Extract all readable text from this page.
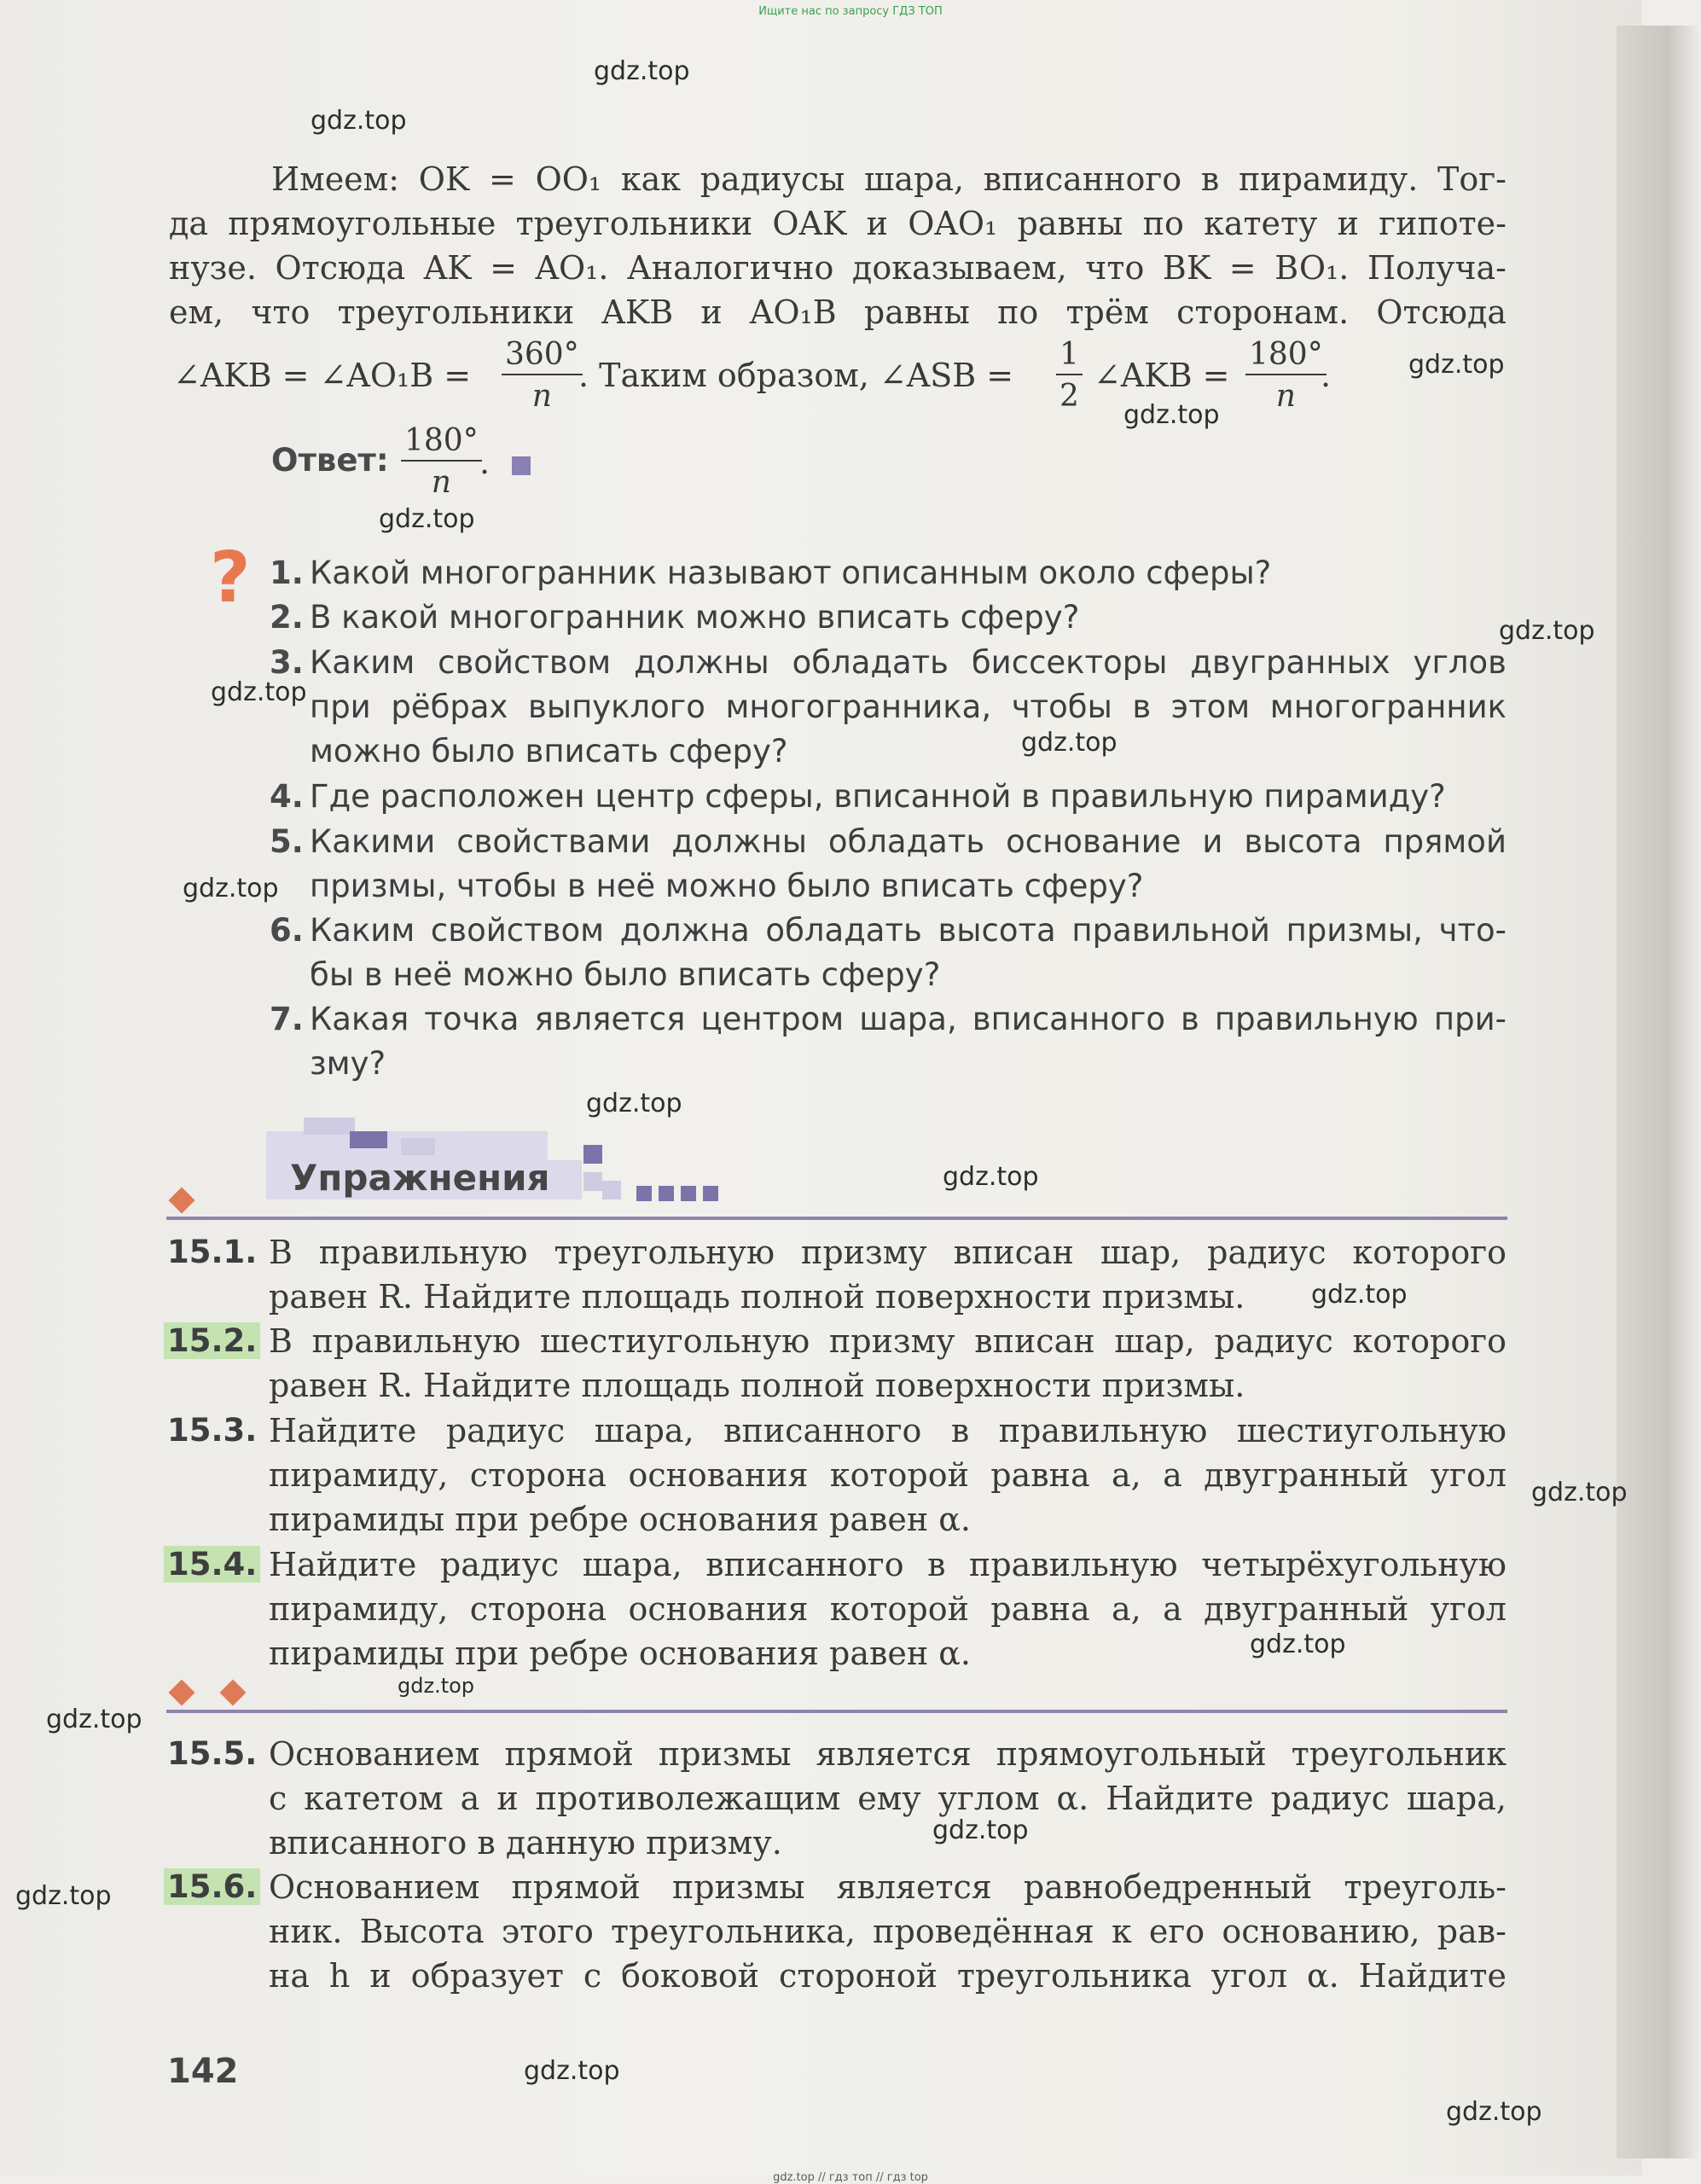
Ищите нас по запросу ГДЗ ТОП
gdz.top
gdz.top
gdz.top
gdz.top
gdz.top
gdz.top
gdz.top
gdz.top
gdz.top
gdz.top
gdz.top
gdz.top
gdz.top
gdz.top
gdz.top
gdz.top
gdz.top
gdz.top
gdz.top
gdz.top
Имеем: OK = OO₁ как радиусы шара, вписанного в пирамиду. Тог-
да прямоугольные треугольники OAK и OAO₁ равны по катету и гипоте-
нузе. Отсюда AK = AO₁. Аналогично доказываем, что BK = BO₁. Получа-
ем, что треугольники AKB и AO₁B равны по трём сторонам. Отсюда
∠AKB = ∠AO₁B = $\frac{360^\circ}{n}$
. Таким образом, ∠ASB = $\frac{1}{2}$ ∠AKB = $\frac{180^\circ}{n}$
.
Ответ: $\frac{180^\circ}{n}$
.
? 1. Какой многогранник называют описанным около сферы?
2. В какой многогранник можно вписать сферу?
3. Каким свойством должны обладать биссекторы двугранных углов
при рёбрах выпуклого многогранника, чтобы в этом многогранник
можно было вписать сферу?
4. Где расположен центр сферы, вписанной в правильную пирамиду?
5. Какими свойствами должны обладать основание и высота прямой
призмы, чтобы в неё можно было вписать сферу?
6. Каким свойством должна обладать высота правильной призмы, что-
бы в неё можно было вписать сферу?
7. Какая точка является центром шара, вписанного в правильную при-
зму?
Упражнения
15.1. В правильную треугольную призму вписан шар, радиус которого
равен R. Найдите площадь полной поверхности призмы.
15.2. В правильную шестиугольную призму вписан шар, радиус которого
равен R. Найдите площадь полной поверхности призмы.
15.3. Найдите радиус шара, вписанного в правильную шестиугольную
пирамиду, сторона основания которой равна a, а двугранный угол
пирамиды при ребре основания равен α.
15.4. Найдите радиус шара, вписанного в правильную четырёхугольную
пирамиду, сторона основания которой равна a, а двугранный угол
пирамиды при ребре основания равен α.
15.5. Основанием прямой призмы является прямоугольный треугольник
с катетом a и противолежащим ему углом α. Найдите радиус шара,
вписанного в данную призму.
15.6. Основанием прямой призмы является равнобедренный треуголь-
ник. Высота этого треугольника, проведённая к его основанию, рав-
на h и образует с боковой стороной треугольника угол α. Найдите
142
gdz.top // гдз топ // гдз top
